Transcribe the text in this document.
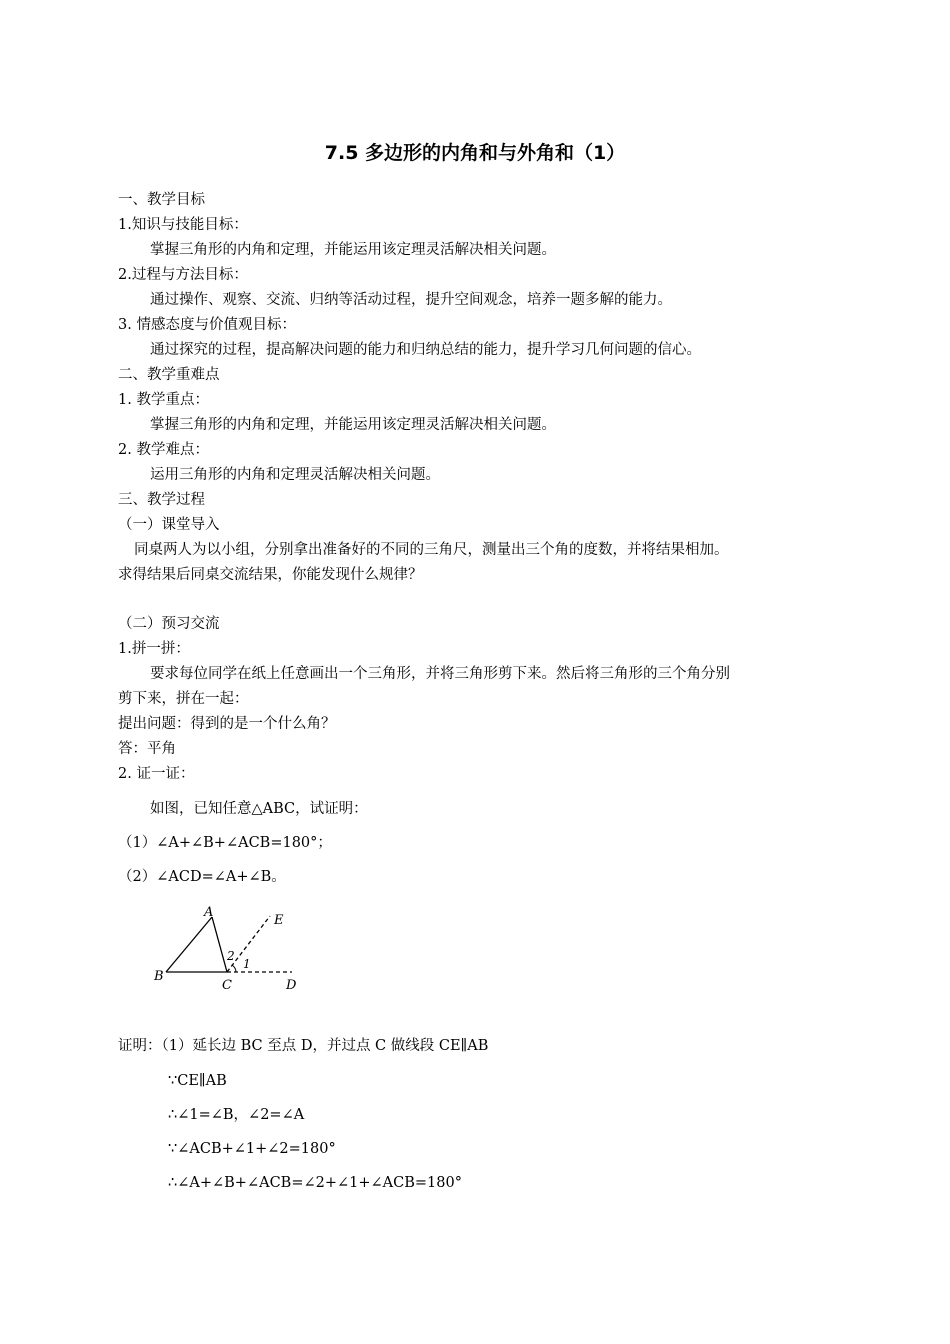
7.5 多边形的内角和与外角和（1）
一、教学目标
1.知识与技能目标：
掌握三角形的内角和定理，并能运用该定理灵活解决相关问题。
2.过程与方法目标：
通过操作、观察、交流、归纳等活动过程，提升空间观念，培养一题多解的能力。
3. 情感态度与价值观目标：
通过探究的过程，提高解决问题的能力和归纳总结的能力，提升学习几何问题的信心。
二、教学重难点
1. 教学重点：
掌握三角形的内角和定理，并能运用该定理灵活解决相关问题。
2. 教学难点：
运用三角形的内角和定理灵活解决相关问题。
三、教学过程
（一）课堂导入
同桌两人为以小组，分别拿出准备好的不同的三角尺，测量出三个角的度数，并将结果相加。
求得结果后同桌交流结果，你能发现什么规律？
（二）预习交流
1.拼一拼：
要求每位同学在纸上任意画出一个三角形，并将三角形剪下来。然后将三角形的三个角分别
剪下来，拼在一起：
提出问题：得到的是一个什么角？
答：平角
2. 证一证：
如图，已知任意△ABC，试证明：
（1）∠A+∠B+∠ACB=180°；
（2）∠ACD=∠A+∠B。
A
B
C	D
E
2
1
证明：（1）延长边 BC 至点 D，并过点 C 做线段 CE∥AB
∵CE∥AB
∴∠1=∠B，∠2=∠A
∵∠ACB+∠1+∠2=180°
∴∠A+∠B+∠ACB=∠2+∠1+∠ACB=180°
